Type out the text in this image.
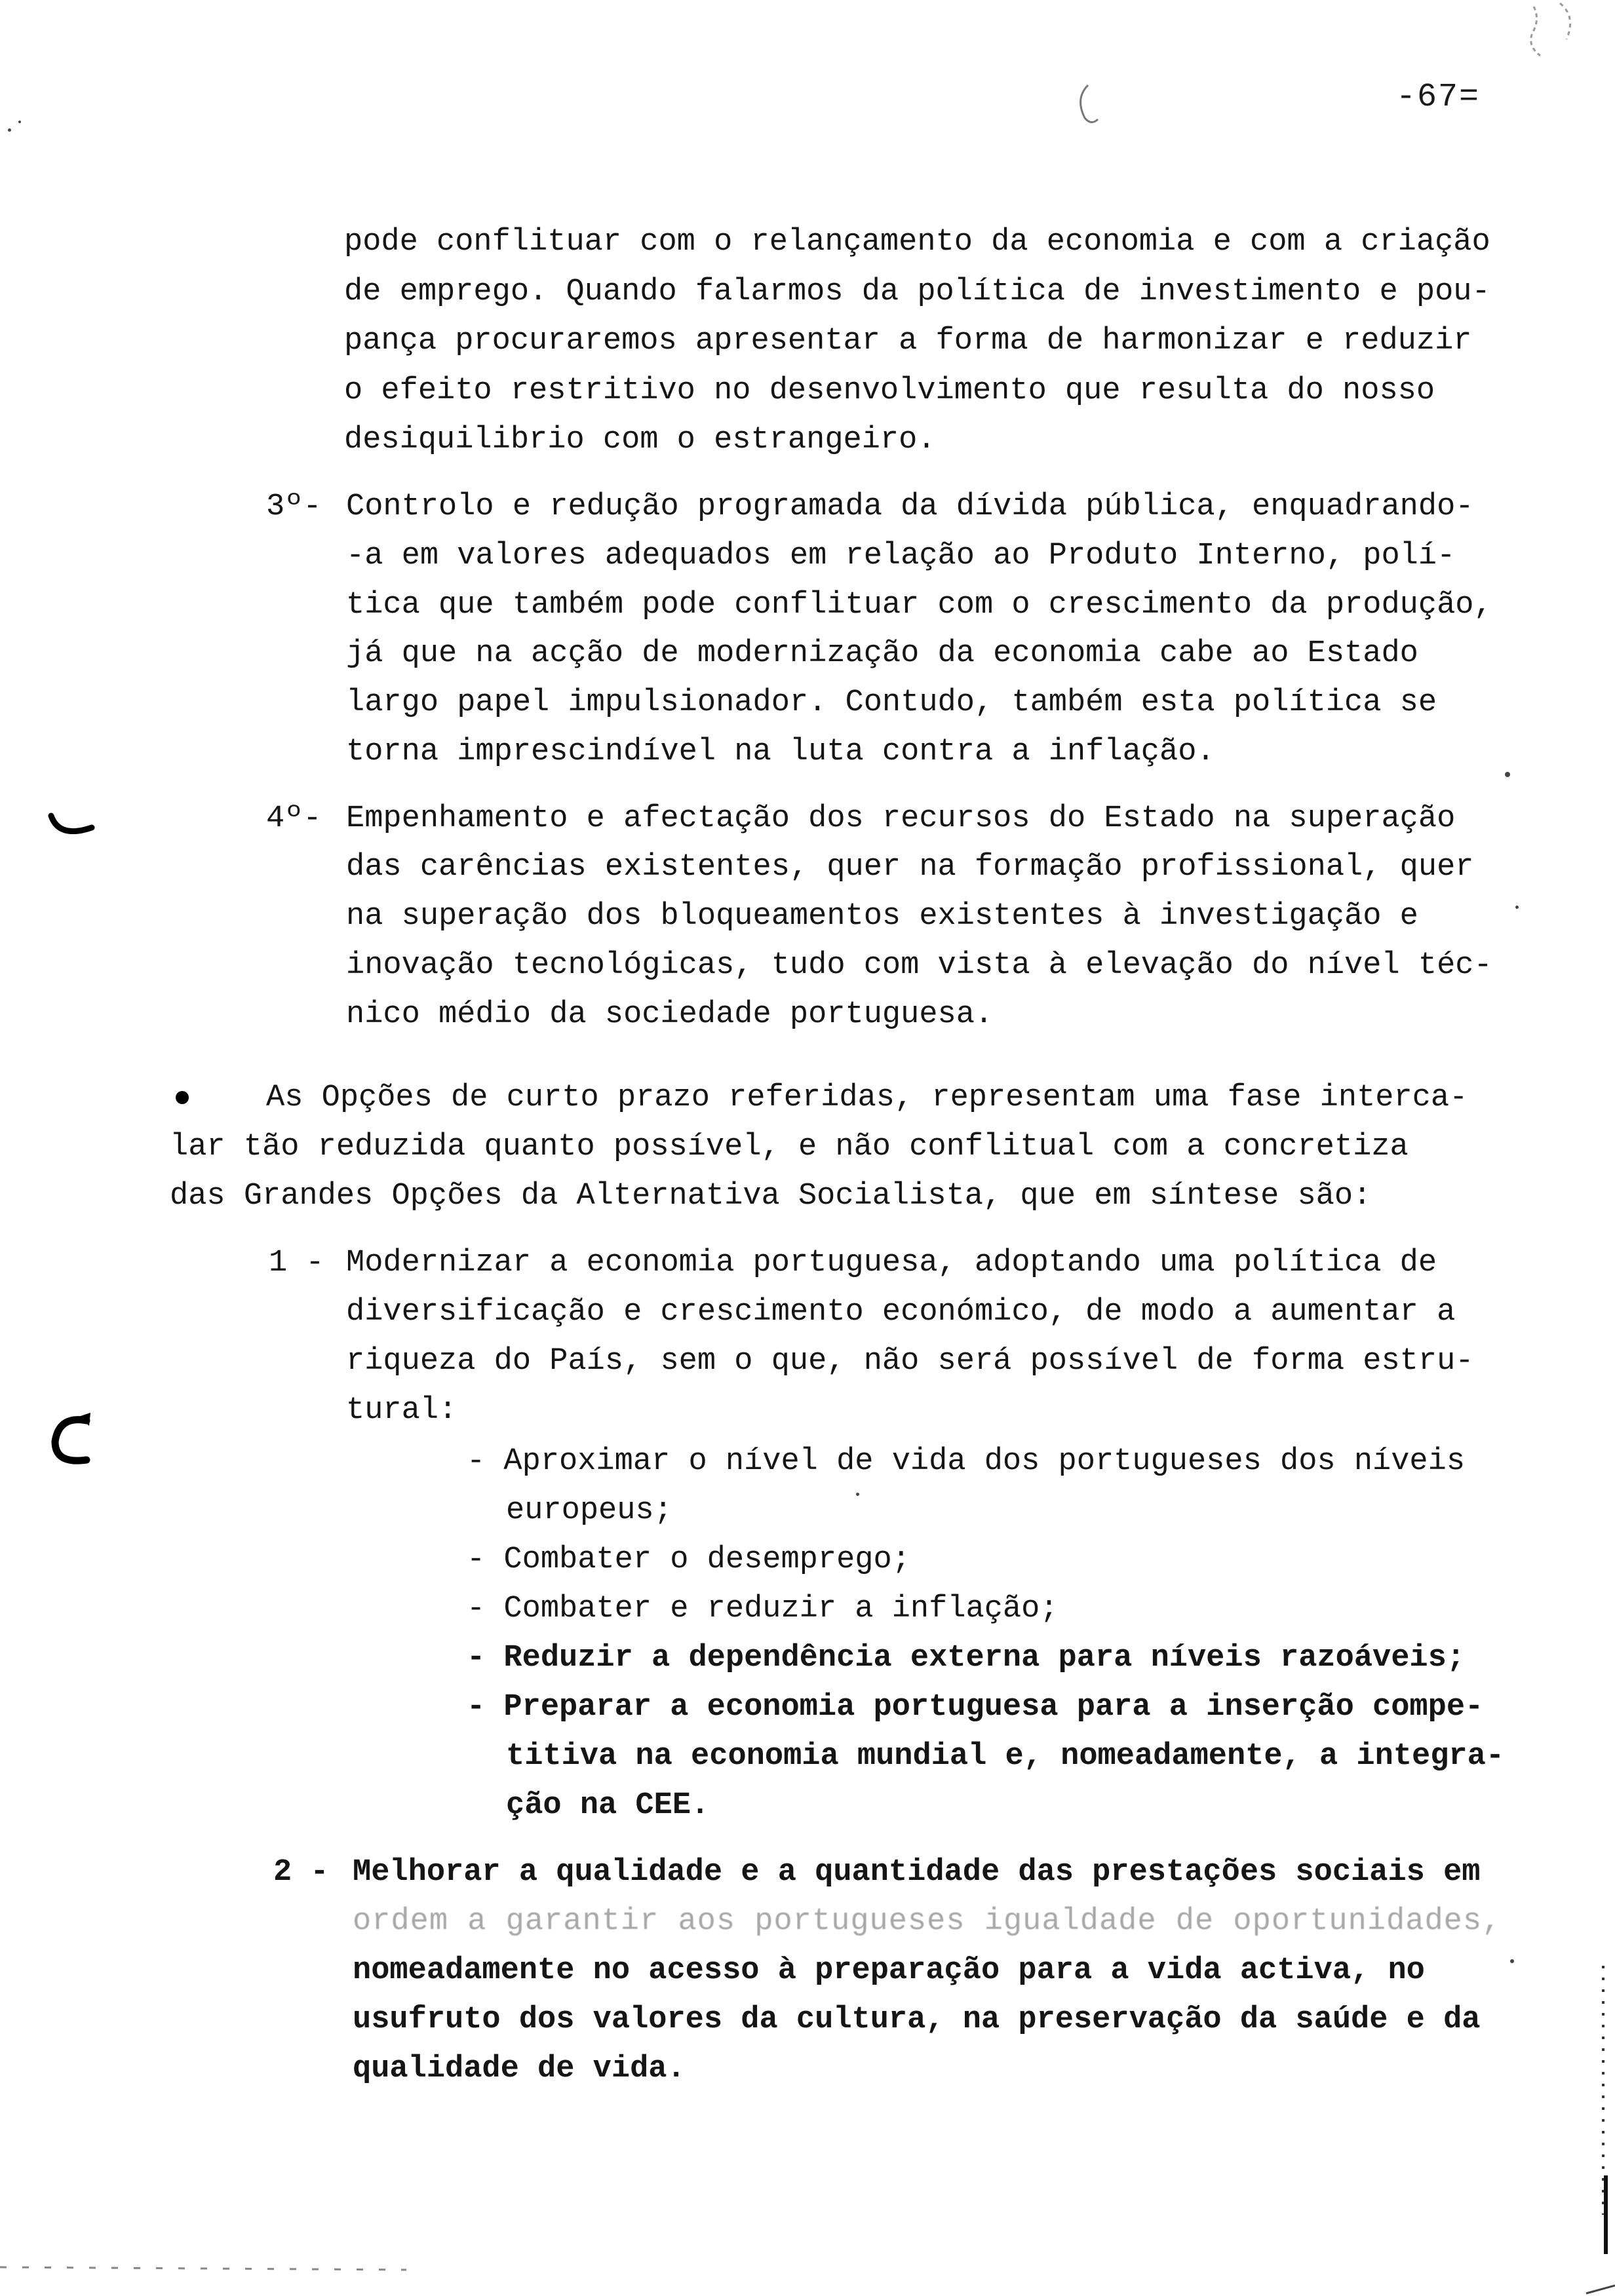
-67=
pode conflituar com o relançamento da economia e com a criação
de emprego. Quando falarmos da política de investimento e pou-
pança procuraremos apresentar a forma de harmonizar e reduzir
o efeito restritivo no desenvolvimento que resulta do nosso
desiquilibrio com o estrangeiro.
3º- Controlo e redução programada da dívida pública, enquadrando-
-a em valores adequados em relação ao Produto Interno, polí-
tica que também pode conflituar com o crescimento da produção,
já que na acção de modernização da economia cabe ao Estado
largo papel impulsionador. Contudo, também esta política se
torna imprescindível na luta contra a inflação.
4º- Empenhamento e afectação dos recursos do Estado na superação
das carências existentes, quer na formação profissional, quer
na superação dos bloqueamentos existentes à investigação e
inovação tecnológicas, tudo com vista à elevação do nível téc-
nico médio da sociedade portuguesa.
As Opções de curto prazo referidas, representam uma fase interca-
lar tão reduzida quanto possível, e não conflitual com a concretiza
das Grandes Opções da Alternativa Socialista, que em síntese são:
1 - Modernizar a economia portuguesa, adoptando uma política de
diversificação e crescimento económico, de modo a aumentar a
riqueza do País, sem o que, não será possível de forma estru-
tural:
- Aproximar o nível de vida dos portugueses dos níveis
europeus;
- Combater o desemprego;
- Combater e reduzir a inflação;
- Reduzir a dependência externa para níveis razoáveis;
- Preparar a economia portuguesa para a inserção compe-
titiva na economia mundial e, nomeadamente, a integra-
ção na CEE.
2 - Melhorar a qualidade e a quantidade das prestações sociais em
ordem a garantir aos portugueses igualdade de oportunidades,
nomeadamente no acesso à preparação para a vida activa, no
usufruto dos valores da cultura, na preservação da saúde e da
qualidade de vida.
